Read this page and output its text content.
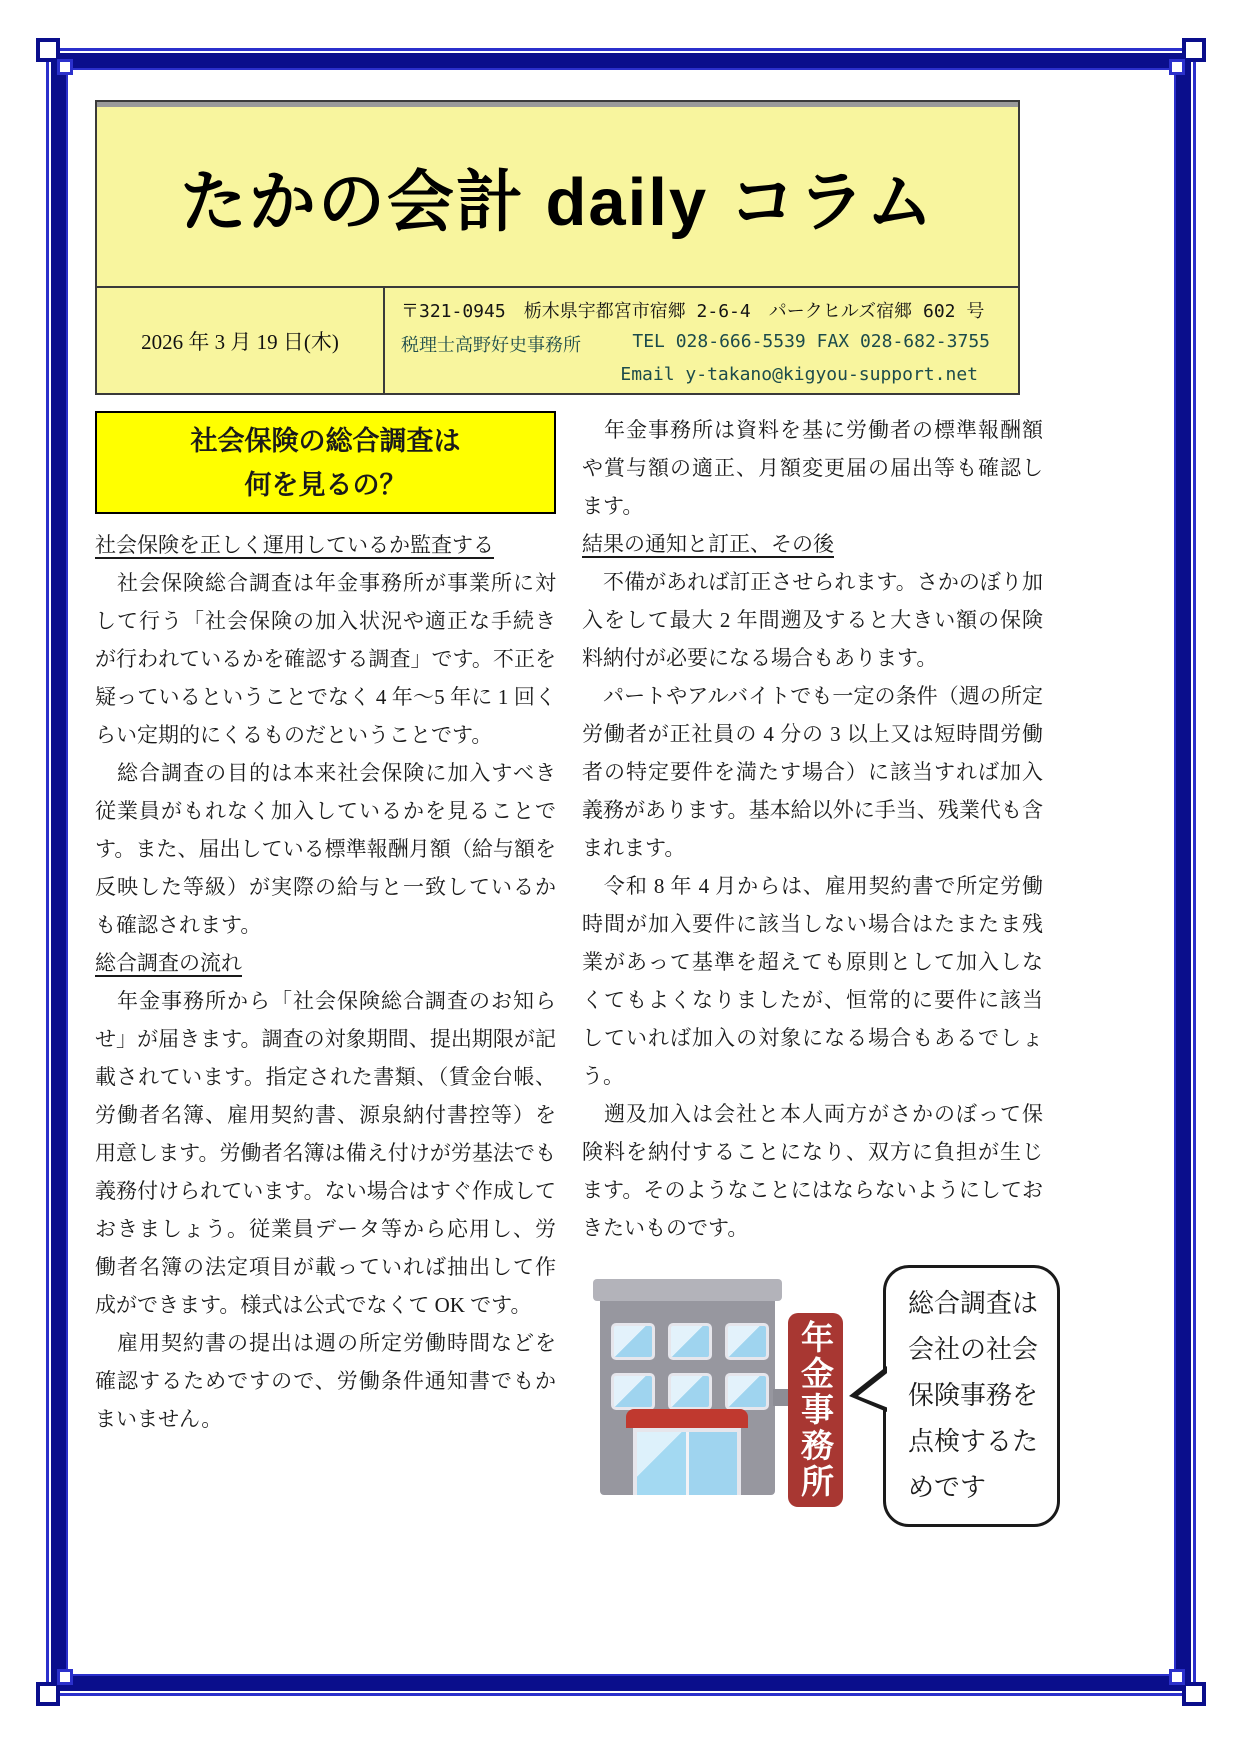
たかの会計 daily コラム
2026 年 3 月 19 日(木)
〒321-0945　栃木県宇都宮市宿郷 2-6-4　パークヒルズ宿郷 602 号
税理士高野好史事務所	TEL 028-666-5539 FAX 028-682-3755
Email y-takano@kigyou-support.net
社会保険の総合調査は
何を見るの？
社会保険を正しく運用しているか監査する

　社会保険総合調査は年金事務所が事業所に対して行う「社会保険の加入状況や適正な手続きが行われているかを確認する調査」です。不正を疑っているということでなく 4 年～5 年に 1 回くらい定期的にくるものだということです。

　総合調査の目的は本来社会保険に加入すべき従業員がもれなく加入しているかを見ることです。また、届出している標準報酬月額（給与額を反映した等級）が実際の給与と一致しているかも確認されます。

総合調査の流れ

　年金事務所から「社会保険総合調査のお知らせ」が届きます。調査の対象期間、提出期限が記載されています。指定された書類、（賃金台帳、労働者名簿、雇用契約書、源泉納付書控等）を用意します。労働者名簿は備え付けが労基法でも義務付けられています。ない場合はすぐ作成しておきましょう。従業員データ等から応用し、労働者名簿の法定項目が載っていれば抽出して作成ができます。様式は公式でなくて OK です。

　雇用契約書の提出は週の所定労働時間などを確認するためですので、労働条件通知書でもかまいません。

　年金事務所は資料を基に労働者の標準報酬額や賞与額の適正、月額変更届の届出等も確認します。

結果の通知と訂正、その後

　不備があれば訂正させられます。さかのぼり加入をして最大 2 年間遡及すると大きい額の保険料納付が必要になる場合もあります。

　パートやアルバイトでも一定の条件（週の所定労働者が正社員の 4 分の 3 以上又は短時間労働者の特定要件を満たす場合）に該当すれば加入義務があります。基本給以外に手当、残業代も含まれます。

　令和 8 年 4 月からは、雇用契約書で所定労働時間が加入要件に該当しない場合はたまたま残業があって基準を超えても原則として加入しなくてもよくなりましたが、恒常的に要件に該当していれば加入の対象になる場合もあるでしょう。

　遡及加入は会社と本人両方がさかのぼって保険料を納付することになり、双方に負担が生じます。そのようなことにはならないようにしておきたいものです。

年金事務所
総合調査は会社の社会保険事務を点検するためです
